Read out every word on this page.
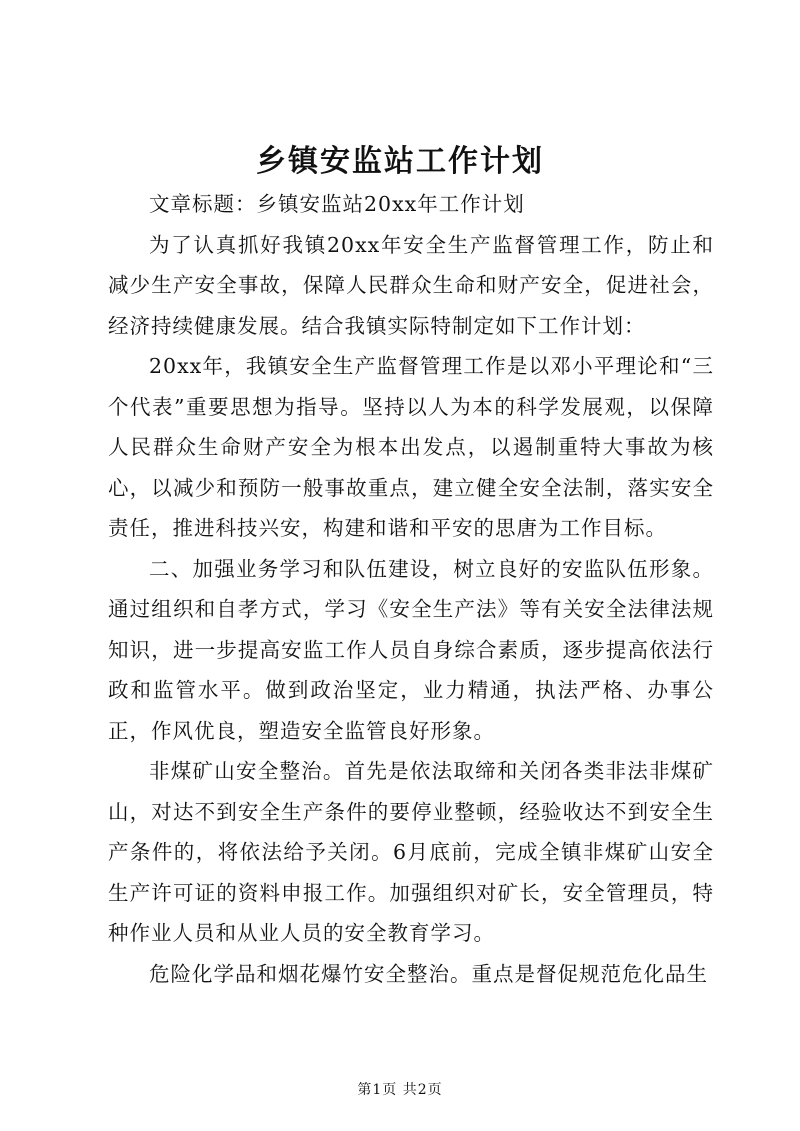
乡镇安监站工作计划

文章标题：乡镇安监站20xx年工作计划

为了认真抓好我镇20xx年安全生产监督管理工作，防止和减少生产安全事故，保障人民群众生命和财产安全，促进社会，经济持续健康发展。结合我镇实际特制定如下工作计划：

20xx年，我镇安全生产监督管理工作是以邓小平理论和“三个代表”重要思想为指导。坚持以人为本的科学发展观，以保障人民群众生命财产安全为根本出发点，以遏制重特大事故为核心，以减少和预防一般事故重点，建立健全安全法制，落实安全责任，推进科技兴安，构建和谐和平安的思唐为工作目标。

二、加强业务学习和队伍建设，树立良好的安监队伍形象。通过组织和自孝方式，学习《安全生产法》等有关安全法律法规知识，进一步提高安监工作人员自身综合素质，逐步提高依法行政和监管水平。做到政治坚定，业力精通，执法严格、办事公正，作风优良，塑造安全监管良好形象。

非煤矿山安全整治。首先是依法取缔和关闭各类非法非煤矿山，对达不到安全生产条件的要停业整顿，经验收达不到安全生产条件的，将依法给予关闭。6月底前，完成全镇非煤矿山安全生产许可证的资料申报工作。加强组织对矿长，安全管理员，特种作业人员和从业人员的安全教育学习。

危险化学品和烟花爆竹安全整治。重点是督促规范危化品生

第1页 共2页
